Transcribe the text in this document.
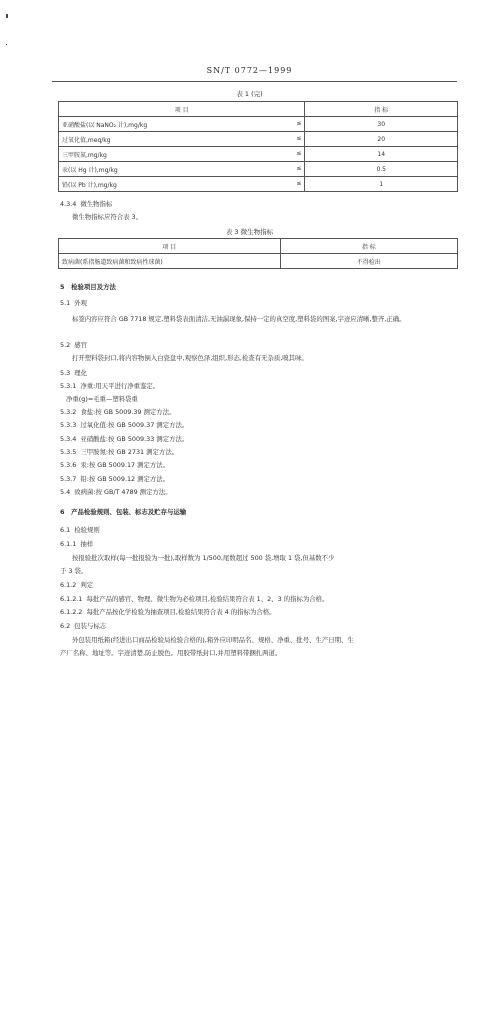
SN/T 0772—1999
表 1 (完)
项 目	指 标
亚硝酸盐(以 NaNO₂ 计),mg/kg ≤	30
过氧化值,meq/kg ≤	20
三甲胺氮,mg/kg ≤	14
汞(以 Hg 计),mg/kg ≤	0.5
铅(以 Pb 计),mg/kg ≤	1
4.3.4 微生物指标
微生物指标应符合表 3。
表 3 微生物指标
项 目	指 标
致病菌(系指肠道致病菌和致病性球菌)	不得检出
5 检验项目及方法
5.1 外观
标签内容应符合 GB 7718 规定,塑料袋表面清洁,无油漏现象,保持一定的真空度,塑料袋的图案,字迹应清晰,整齐,正确。
5.2 感官
打开塑料袋封口,将内容物倒入白瓷盘中,观察色泽,组织,形态,检查有无杂质,嗅其味。
5.3 理化
5.3.1 净重:用天平进行净重鉴定。
净重(g)=毛重—塑料袋重
5.3.2 食盐:按 GB 5009.39 测定方法。
5.3.3 过氧化值:按 GB 5009.37 测定方法。
5.3.4 亚硝酸盐:按 GB 5009.33 测定方法。
5.3.5 三甲胺氮:按 GB 2731 测定方法。
5.3.6 汞:按 GB 5009.17 测定方法。
5.3.7 铅:按 GB 5009.12 测定方法。
5.4 致病菌:按 GB/T 4789 测定方法。
6 产品检验规则、包装、标志及贮存与运输
6.1 检验规则
6.1.1 抽样
按报验批次取样(每一批报验为一批),取样数为 1/500,尾数超过 500 袋,增取 1 袋,但基数不少
于 3 袋。
6.1.2 判定
6.1.2.1 每批产品的感官、物理、微生物为必检项目,检验结果符合表 1、2、3 的指标为合格。
6.1.2.2 每批产品按化学检验为抽查项目,检验结果符合表 4 的指标为合格。
6.2 包装与标志
外包装用纸箱(经进出口商品检验局检验合格的),箱外应印明品名、规格、净重、批号、生产日期、生
产厂名称、地址等。字迹清楚,防止脱色。用胶带纸封口,并用塑料带捆扎两道。
